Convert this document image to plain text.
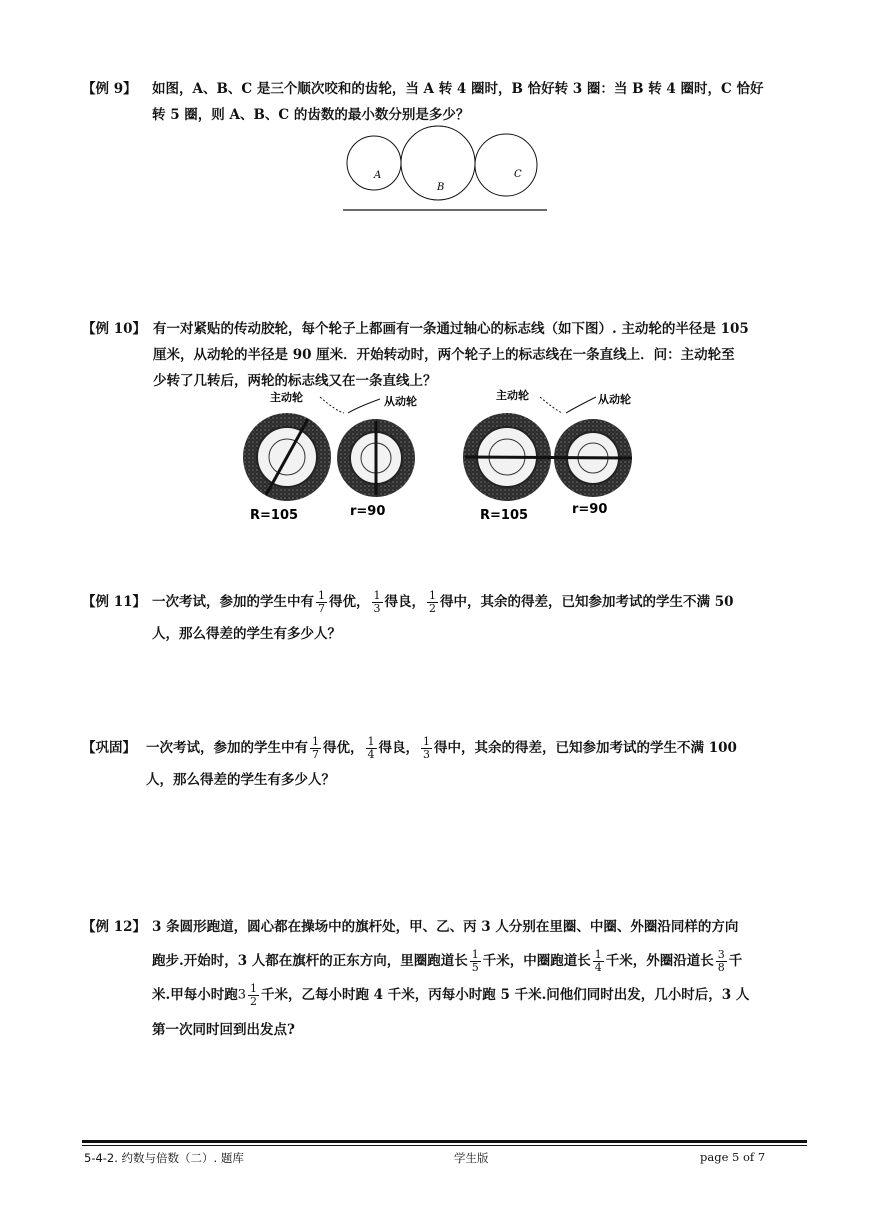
【例 9】 如图，A、B、C 是三个顺次咬和的齿轮，当 A 转 4 圈时，B 恰好转 3 圈：当 B 转 4 圈时，C 恰好
转 5 圈，则 A、B、C 的齿数的最小数分别是多少？
A
B
C
【例 10】 有一对紧贴的传动胶轮，每个轮子上都画有一条通过轴心的标志线（如下图）. 主动轮的半径是 105
厘米，从动轮的半径是 90 厘米．开始转动时，两个轮子上的标志线在一条直线上．问：主动轮至
少转了几转后，两轮的标志线又在一条直线上？
主动轮	从动轮
R=105	r=90
主动轮	从动轮
R=105	r=90
【例 11】 一次考试，参加的学生中有 $\frac{1}{7}$ 得优， $\frac{1}{3}$ 得良， $\frac{1}{2}$ 得中，其余的得差，已知参加考试的学生不满 50
人，那么得差的学生有多少人？
【巩固】 一次考试，参加的学生中有 $\frac{1}{7}$ 得优， $\frac{1}{4}$ 得良， $\frac{1}{3}$ 得中，其余的得差，已知参加考试的学生不满 100
人，那么得差的学生有多少人？
【例 12】 3 条圆形跑道，圆心都在操场中的旗杆处，甲、乙、丙 3 人分别在里圈、中圈、外圈沿同样的方向
跑步.开始时，3 人都在旗杆的正东方向，里圈跑道长 $\frac{1}{5}$ 千米，中圈跑道长 $\frac{1}{4}$ 千米，外圈沿道长 $\frac{3}{8}$ 千
米.甲每小时跑$3 \frac{1}{2}$ 千米，乙每小时跑 4 千米，丙每小时跑 5 千米.问他们同时出发，几小时后，3 人
第一次同时回到出发点?
5-4-2. 约数与倍数（二）. 题库	学生版	page 5 of 7
